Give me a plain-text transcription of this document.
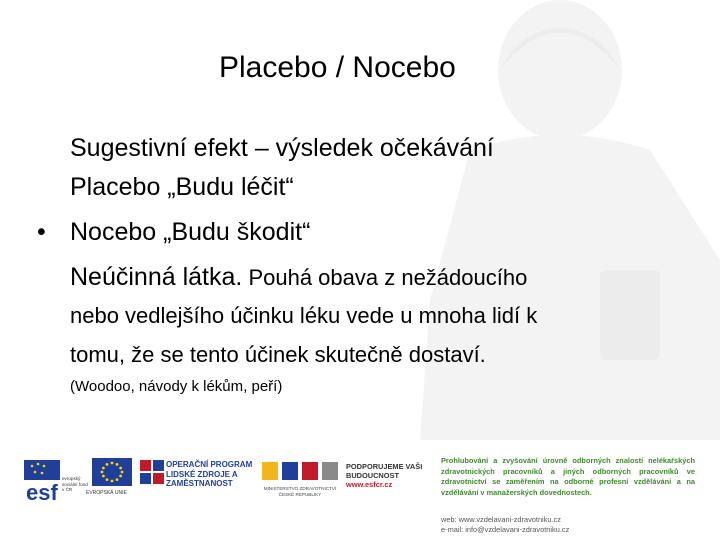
Placebo / Nocebo
Sugestivní efekt – výsledek očekávání
Placebo „Budu léčit“
• Nocebo „Budu škodit“
Neúčinná látka. Pouhá obava z nežádoucího
nebo vedlejšího účinku léku vede u mnoha lidí k
tomu, že se tento účinek skutečně dostaví.
(Woodoo, návody k lékům, peří)
esf
evropský sociální fond v ČR
EVROPSKÁ UNIE
OPERAČNÍ PROGRAM LIDSKÉ ZDROJE A ZAMĚSTNANOST
MINISTERSTVO ZDRAVOTNICTVÍ ČESKÉ REPUBLIKY
PODPORUJEME VAŠI BUDOUCNOST
www.esfcr.cz
Prohlubování a zvyšování úrovně odborných znalostí nelékařských zdravotnických pracovníků a jiných odborných pracovníků ve zdravotnictví se zaměřením na odborné profesní vzdělávání a na vzdělávání v manažerských dovednostech.
web: www.vzdelavani-zdravotniku.cz
e-mail: info@vzdelavani-zdravotniku.cz
